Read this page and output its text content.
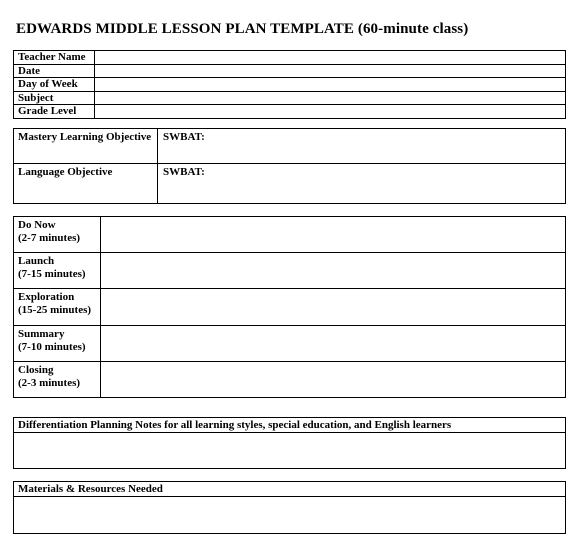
EDWARDS MIDDLE LESSON PLAN TEMPLATE (60-minute class)
Teacher Name	

Date	

Day of Week	

Subject	

Grade Level	

Mastery Learning Objective	SWBAT:

Language Objective	SWBAT:
Do Now
(2-7 minutes)	

Launch
(7-15 minutes)	

Exploration
(15-25 minutes)	

Summary
(7-10 minutes)	

Closing
(2-3 minutes)	

Differentiation Planning Notes for all learning styles, special education, and English learners

Materials & Resources Needed
